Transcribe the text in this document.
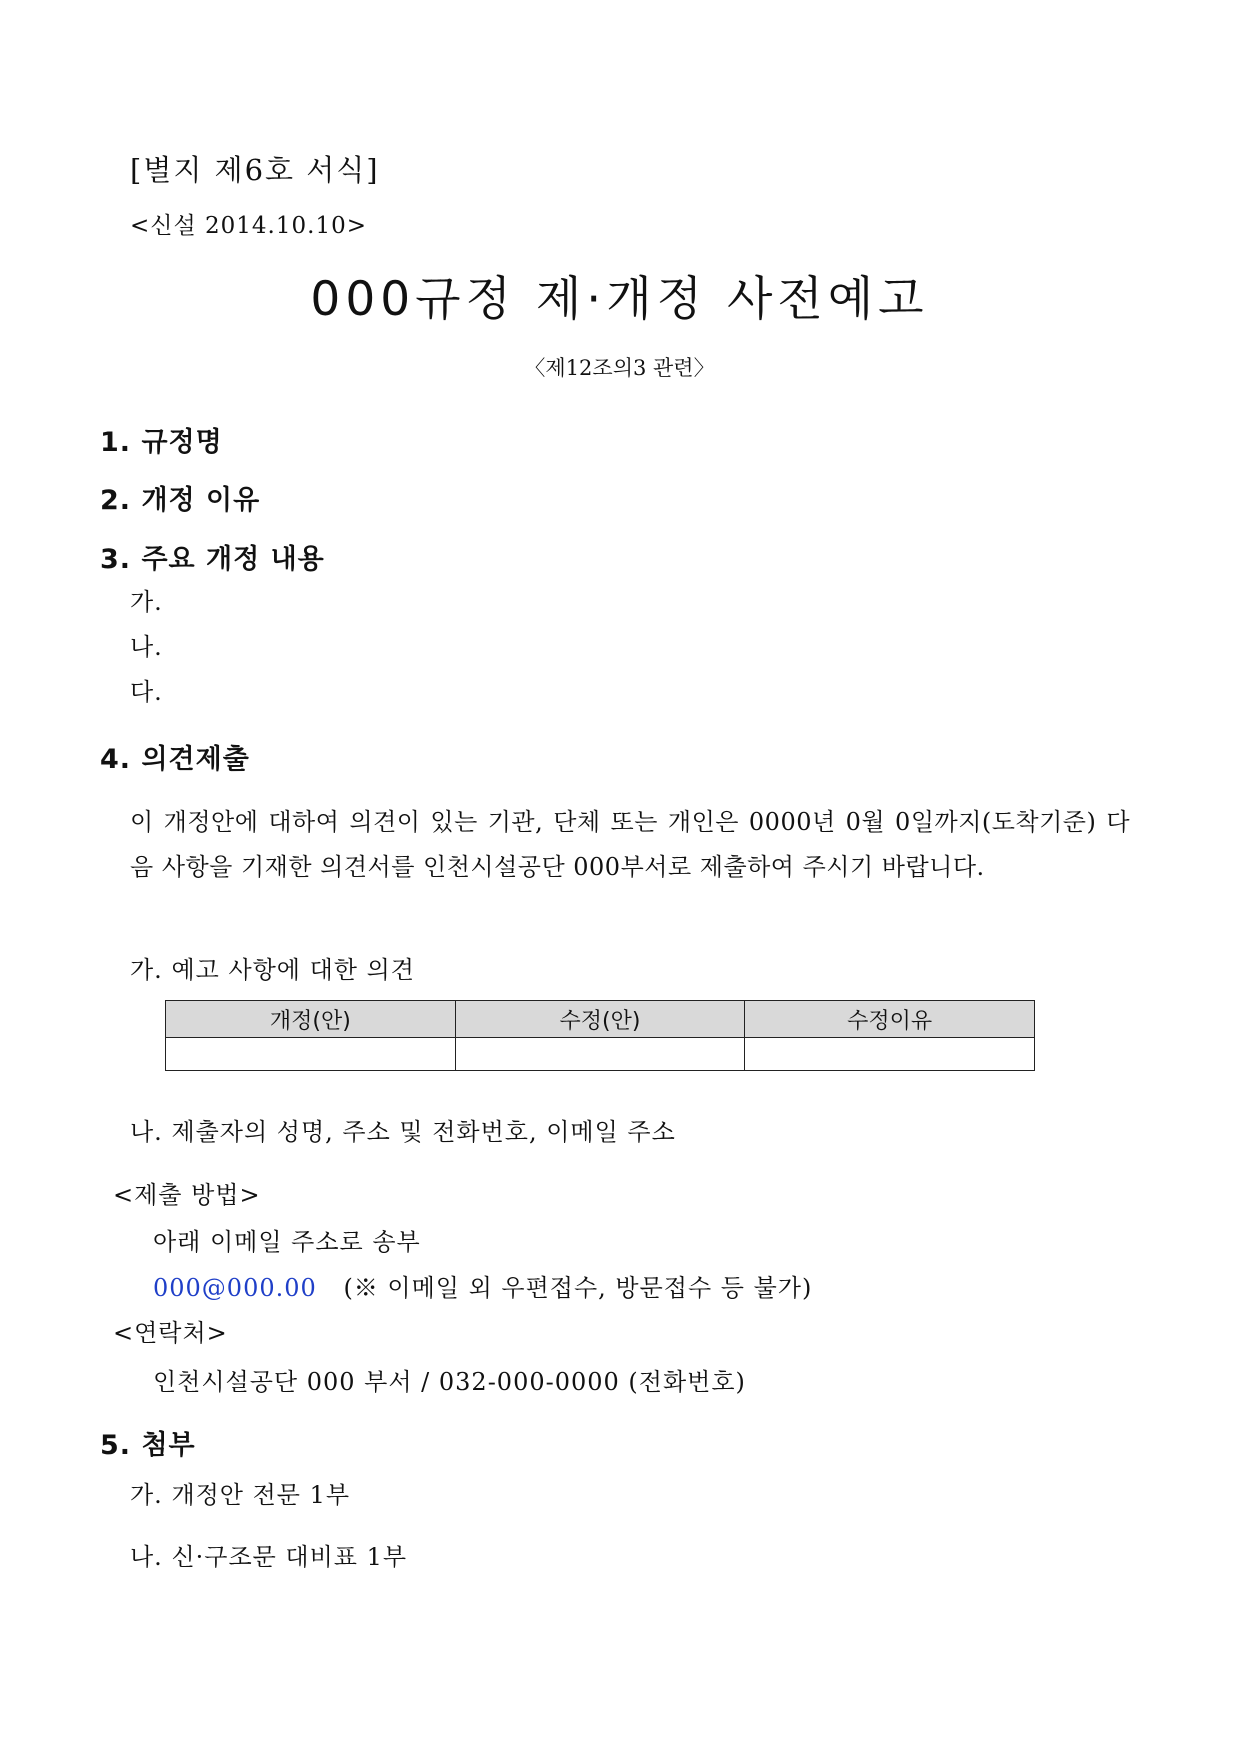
[별지 제6호 서식]
<신설 2014.10.10>
000규정 제·개정 사전예고
〈제12조의3 관련〉
1. 규정명
2. 개정 이유
3. 주요 개정 내용
가.
나.
다.
4. 의견제출
이 개정안에 대하여 의견이 있는 기관, 단체 또는 개인은 0000년 0월 0일까지(도착기준) 다음 사항을 기재한 의견서를 인천시설공단 000부서로 제출하여 주시기 바랍니다.
가. 예고 사항에 대한 의견
개정(안)	수정(안)	수정이유

나. 제출자의 성명, 주소 및 전화번호, 이메일 주소
<제출 방법>
아래 이메일 주소로 송부
000@000.00 (※ 이메일 외 우편접수, 방문접수 등 불가)
<연락처>
인천시설공단 000 부서 / 032-000-0000 (전화번호)
5. 첨부
가. 개정안 전문 1부
나. 신·구조문 대비표 1부
